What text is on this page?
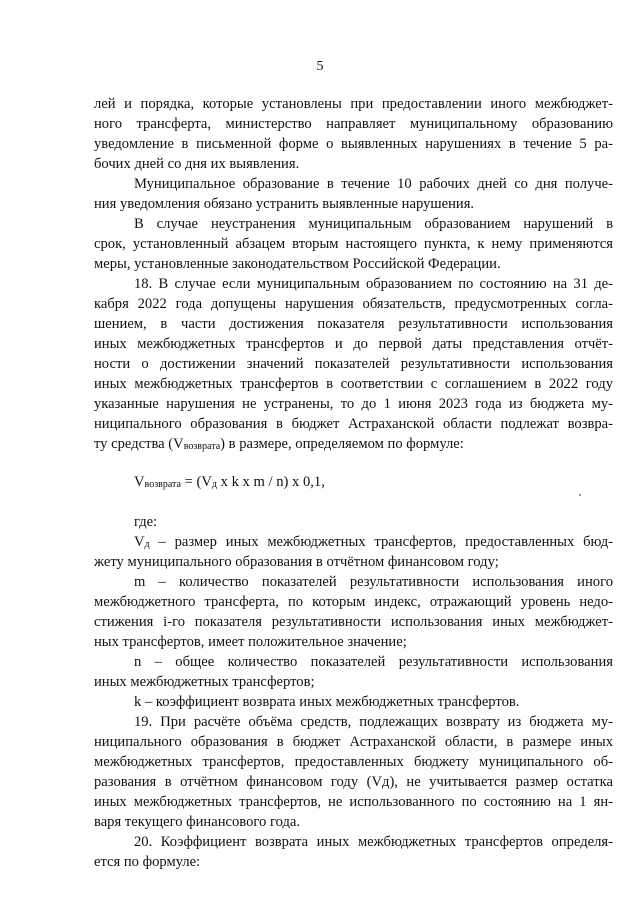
5
лей и порядка, которые установлены при предоставлении иного межбюджет-
ного трансферта, министерство направляет муниципальному образованию
уведомление в письменной форме о выявленных нарушениях в течение 5 ра-
бочих дней со дня их выявления.
Муниципальное образование в течение 10 рабочих дней со дня получе-
ния уведомления обязано устранить выявленные нарушения.
В случае неустранения муниципальным образованием нарушений в
срок, установленный абзацем вторым настоящего пункта, к нему применяются
меры, установленные законодательством Российской Федерации.
18. В случае если муниципальным образованием по состоянию на 31 де-
кабря 2022 года допущены нарушения обязательств, предусмотренных согла-
шением, в части достижения показателя результативности использования
иных межбюджетных трансфертов и до первой даты представления отчёт-
ности о достижении значений показателей результативности использования
иных межбюджетных трансфертов в соответствии с соглашением в 2022 году
указанные нарушения не устранены, то до 1 июня 2023 года из бюджета му-
ниципального образования в бюджет Астраханской области подлежат возвра-
ту средства (Vвозврата) в размере, определяемом по формуле:
Vвозврата = (Vд x k x m / n) x 0,1,
где:
Vд – размер иных межбюджетных трансфертов, предоставленных бюд-
жету муниципального образования в отчётном финансовом году;
m – количество показателей результативности использования иного
межбюджетного трансферта, по которым индекс, отражающий уровень недо-
стижения i-го показателя результативности использования иных межбюджет-
ных трансфертов, имеет положительное значение;
n – общее количество показателей результативности использования
иных межбюджетных трансфертов;
k – коэффициент возврата иных межбюджетных трансфертов.
19. При расчёте объёма средств, подлежащих возврату из бюджета му-
ниципального образования в бюджет Астраханской области, в размере иных
межбюджетных трансфертов, предоставленных бюджету муниципального об-
разования в отчётном финансовом году (Vд), не учитывается размер остатка
иных межбюджетных трансфертов, не использованного по состоянию на 1 ян-
варя текущего финансового года.
20. Коэффициент возврата иных межбюджетных трансфертов определя-
ется по формуле:
